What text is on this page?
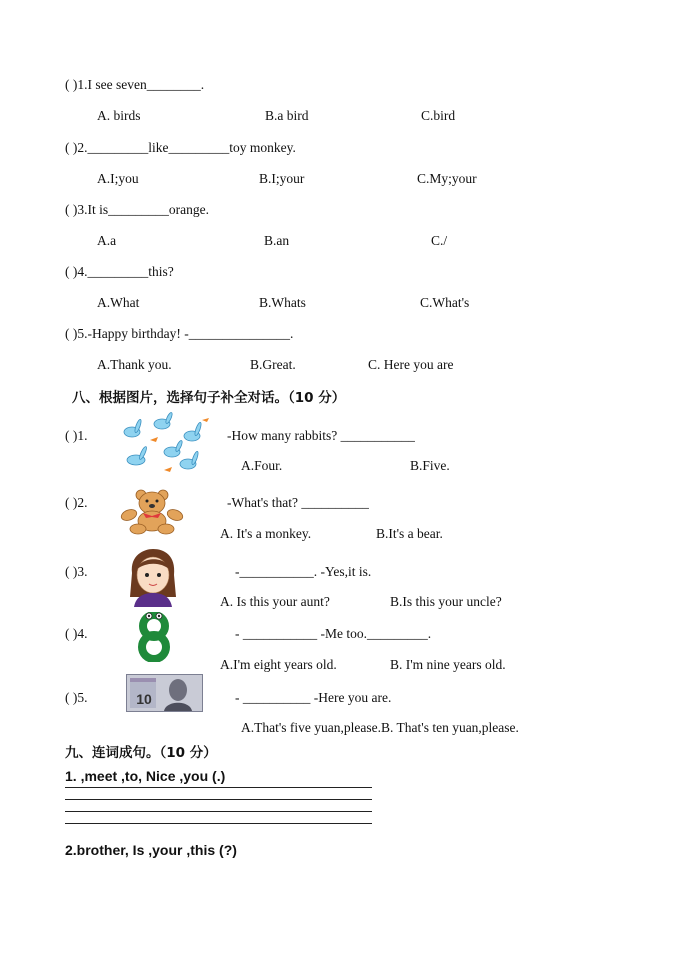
( )1.I see seven________.
A. birds	B.a bird	C.bird
( )2._________like_________toy monkey.
A.I;you	B.I;your	C.My;your
( )3.It is_________orange.
A.a	B.an	C./
( )4._________this?
A.What	B.Whats	C.What's
( )5.-Happy birthday! -_______________.
A.Thank you.	B.Great.	C. Here you are
八、根据图片，选择句子补全对话。（10 分）
( )1.	-How many rabbits? ___________
A.Four.	B.Five.
( )2.	-What's that? __________
A. It's a monkey.	B.It's a bear.
( )3.	-___________. -Yes,it is.
A. Is this your aunt?	B.Is this your uncle?
( )4.	- ___________ -Me too._________.
A.I'm eight years old.	B. I'm nine years old.
( )5.	10	- __________ -Here you are.
A.That's five yuan,please.B. That's ten yuan,please.
九、连词成句。（10 分）
1. ,meet ,to, Nice ,you (.)
2.brother, Is ,your ,this (?)
